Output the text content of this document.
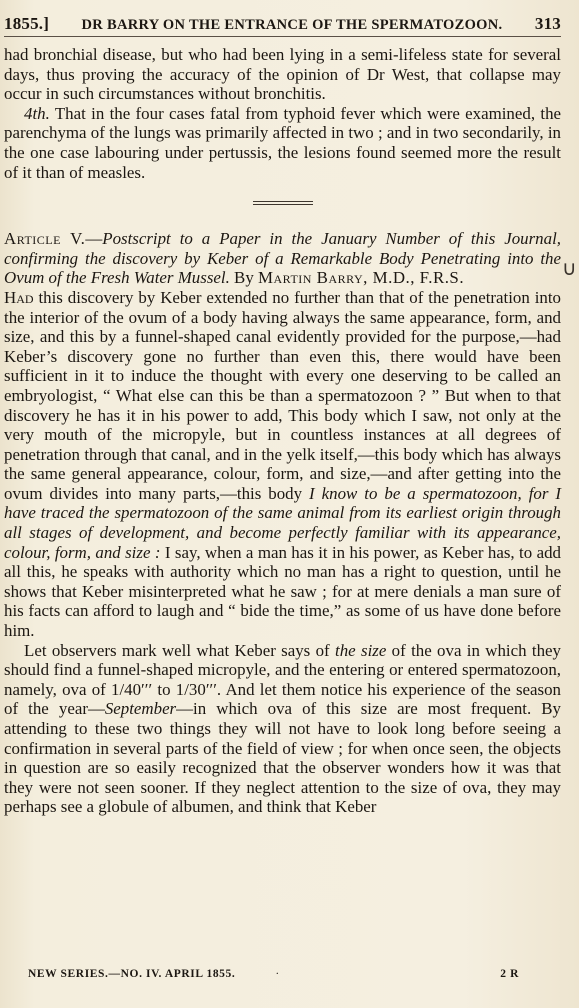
1855.]	DR BARRY ON THE ENTRANCE OF THE SPERMATOZOON.	313

had bronchial disease, but who had been lying in a semi-lifeless state for several days, thus proving the accuracy of the opinion of Dr West, that collapse may occur in such circumstances without bronchitis.

4th. That in the four cases fatal from typhoid fever which were examined, the parenchyma of the lungs was primarily affected in two ; and in two secondarily, in the one case labouring under pertussis, the lesions found seemed more the result of it than of measles.

Article V.—Postscript to a Paper in the January Number of this Journal, confirming the discovery by Keber of a Remarkable Body Penetrating into the Ovum of the Fresh Water Mussel. By Martin Barry, M.D., F.R.S.

Had this discovery by Keber extended no further than that of the penetration into the interior of the ovum of a body having always the same appearance, form, and size, and this by a funnel-shaped canal evidently provided for the purpose,—had Keber’s discovery gone no further than even this, there would have been sufficient in it to induce the thought with every one deserving to be called an embryologist, “ What else can this be than a spermatozoon ? ” But when to that discovery he has it in his power to add, This body which I saw, not only at the very mouth of the micropyle, but in countless instances at all degrees of penetration through that canal, and in the yelk itself,—this body which has always the same general appearance, colour, form, and size,—and after getting into the ovum divides into many parts,—this body I know to be a spermatozoon, for I have traced the spermatozoon of the same animal from its earliest origin through all stages of development, and become perfectly familiar with its appearance, colour, form, and size : I say, when a man has it in his power, as Keber has, to add all this, he speaks with authority which no man has a right to question, until he shows that Keber misinterpreted what he saw ; for at mere denials a man sure of his facts can afford to laugh and “ bide the time,” as some of us have done before him.

Let observers mark well what Keber says of the size of the ova in which they should find a funnel-shaped micropyle, and the entering or entered spermatozoon, namely, ova of 1/40′′′ to 1/30′′′. And let them notice his experience of the season of the year—September—in which ova of this size are most frequent. By attending to these two things they will not have to look long before seeing a confirmation in several parts of the field of view ; for when once seen, the objects in question are so easily recognized that the observer wonders how it was that they were not seen sooner. If they neglect attention to the size of ova, they may perhaps see a globule of albumen, and think that Keber

NEW SERIES.—NO. IV. APRIL 1855.	·	2 R
∪
